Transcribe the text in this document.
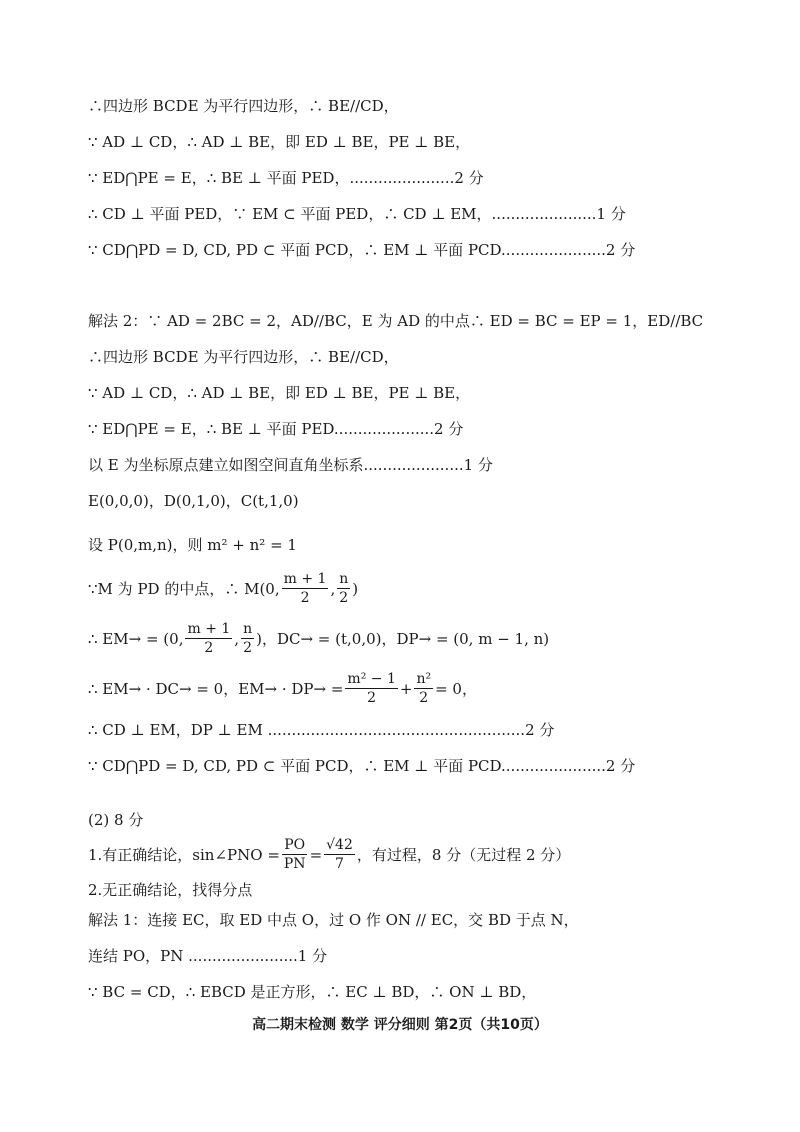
∴四边形 BCDE 为平行四边形，∴ BE//CD，
∵ AD ⊥ CD，∴ AD ⊥ BE，即 ED ⊥ BE，PE ⊥ BE，
∵ ED⋂PE = E，∴ BE ⊥ 平面 PED，......................2 分
∴ CD ⊥ 平面 PED，∵ EM ⊂ 平面 PED，∴ CD ⊥ EM，......................1 分
∵ CD⋂PD = D, CD, PD ⊂ 平面 PCD，∴ EM ⊥ 平面 PCD......................2 分
解法 2：∵ AD = 2BC = 2，AD//BC，E 为 AD 的中点∴ ED = BC = EP = 1，ED//BC
∴四边形 BCDE 为平行四边形，∴ BE//CD，
∵ AD ⊥ CD，∴ AD ⊥ BE，即 ED ⊥ BE，PE ⊥ BE，
∵ ED⋂PE = E，∴ BE ⊥ 平面 PED.....................2 分
以 E 为坐标原点建立如图空间直角坐标系.....................1 分
E(0,0,0)，D(0,1,0)，C(t,1,0)
设 P(0,m,n)，则 m² + n² = 1
∵M 为 PD 的中点，∴ M(0, $\frac{m + 1}{2}$ , $\frac{n}{2}$ )
∴ EM→ = (0, $\frac{m + 1}{2}$ , $\frac{n}{2}$ )，DC→ = (t,0,0)，DP→ = (0, m − 1, n)
∴ EM→ · DC→ = 0，$EM\to \cdot DP\to = \frac{\text{m² − 1}}{2} + \frac{\text{n²}}{2} = 0$，
∴ CD ⊥ EM，DP ⊥ EM ......................................................2 分
∵ CD⋂PD = D, CD, PD ⊂ 平面 PCD，∴ EM ⊥ 平面 PCD......................2 分
(2) 8 分
1.有正确结论，sin∠PNO = $\frac{PO}{PN} = \frac{√42}{7}$ ，有过程，8 分（无过程 2 分）
2.无正确结论，找得分点
解法 1：连接 EC，取 ED 中点 O，过 O 作 ON // EC，交 BD 于点 N，
连结 PO，PN .......................1 分
∵ BC = CD，∴ EBCD 是正方形，∴ EC ⊥ BD，∴ ON ⊥ BD，
高二期末检测 数学 评分细则 第2页（共10页）
